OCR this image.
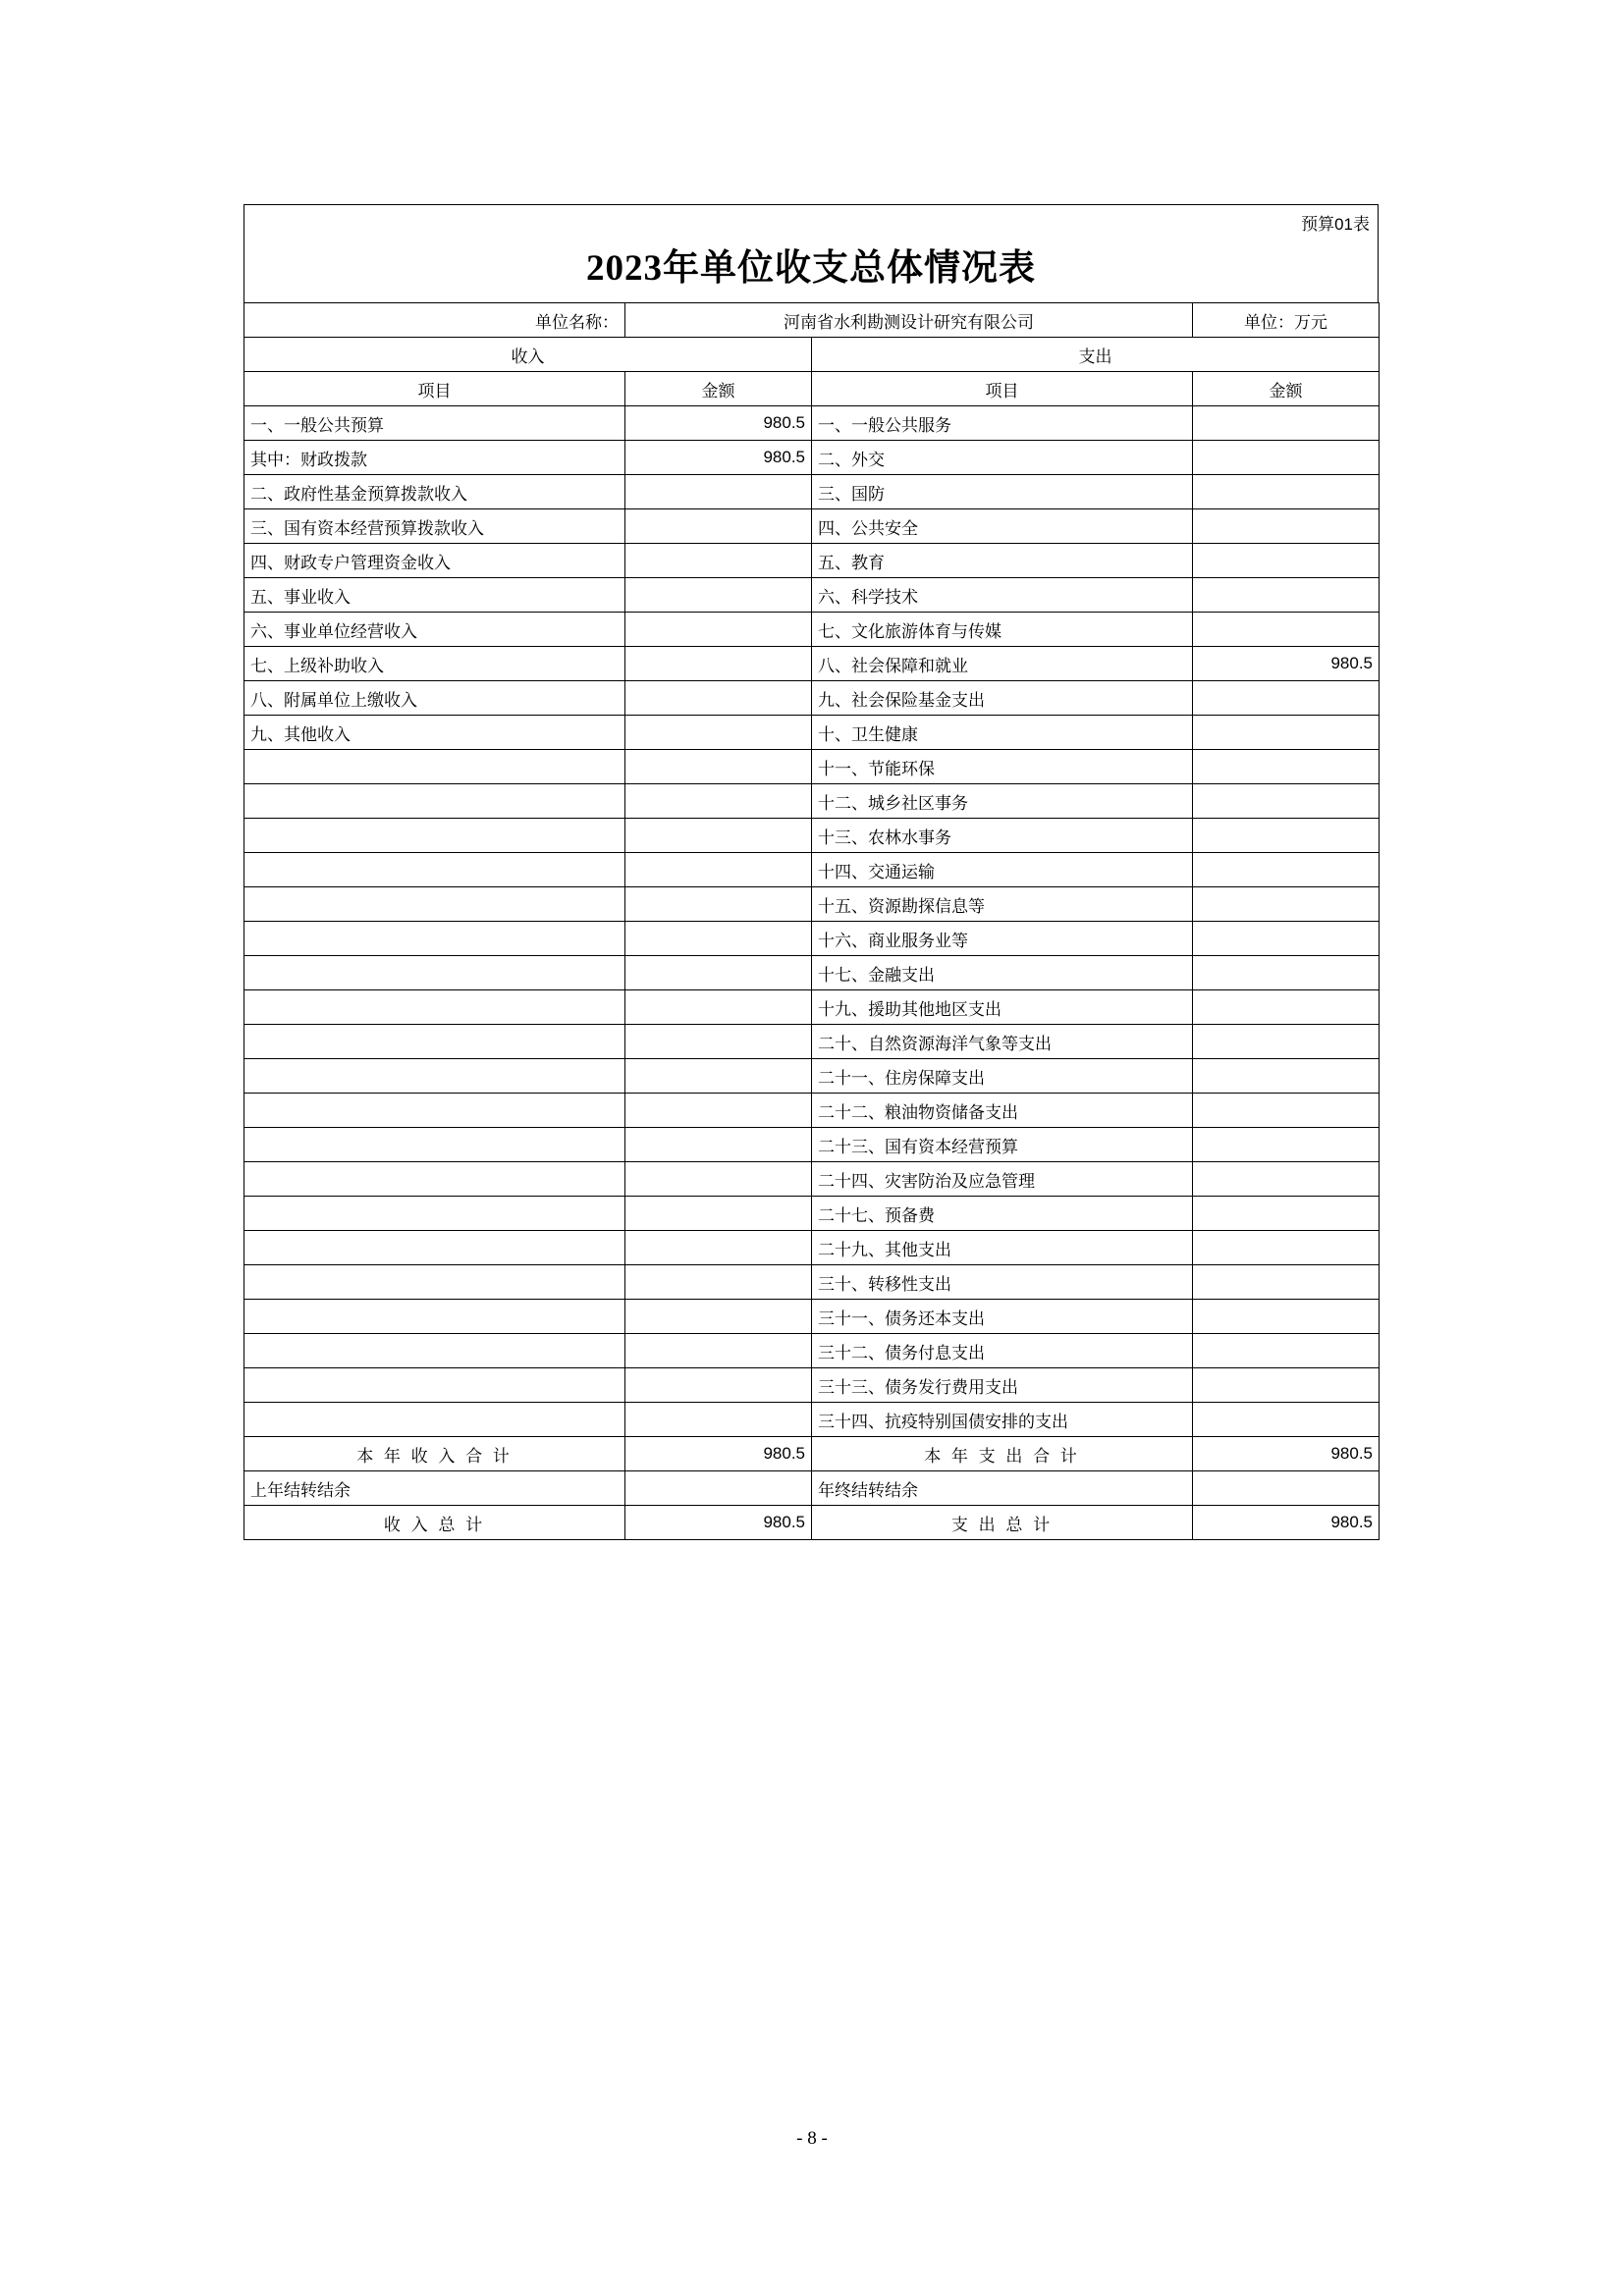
预算01表
2023年单位收支总体情况表
单位名称：	河南省水利勘测设计研究有限公司		单位：万元
收入		支出	
项目	金额	项目	金额
一、一般公共预算	980.5	一、一般公共服务	
其中：财政拨款	980.5	二、外交	
二、政府性基金预算拨款收入		三、国防	
三、国有资本经营预算拨款收入		四、公共安全	
四、财政专户管理资金收入		五、教育	
五、事业收入		六、科学技术	
六、事业单位经营收入		七、文化旅游体育与传媒	
七、上级补助收入		八、社会保障和就业	980.5
八、附属单位上缴收入		九、社会保险基金支出	
九、其他收入		十、卫生健康	
		十一、节能环保	
		十二、城乡社区事务	
		十三、农林水事务	
		十四、交通运输	
		十五、资源勘探信息等	
		十六、商业服务业等	
		十七、金融支出	
		十九、援助其他地区支出	
		二十、自然资源海洋气象等支出	
		二十一、住房保障支出	
		二十二、粮油物资储备支出	
		二十三、国有资本经营预算	
		二十四、灾害防治及应急管理	
		二十七、预备费	
		二十九、其他支出	
		三十、转移性支出	
		三十一、债务还本支出	
		三十二、债务付息支出	
		三十三、债务发行费用支出	
		三十四、抗疫特别国债安排的支出	
本 年 收 入 合 计	980.5	本 年 支 出 合 计	980.5
上年结转结余		年终结转结余	
收 入 总 计	980.5	支 出 总 计	980.5
- 8 -
